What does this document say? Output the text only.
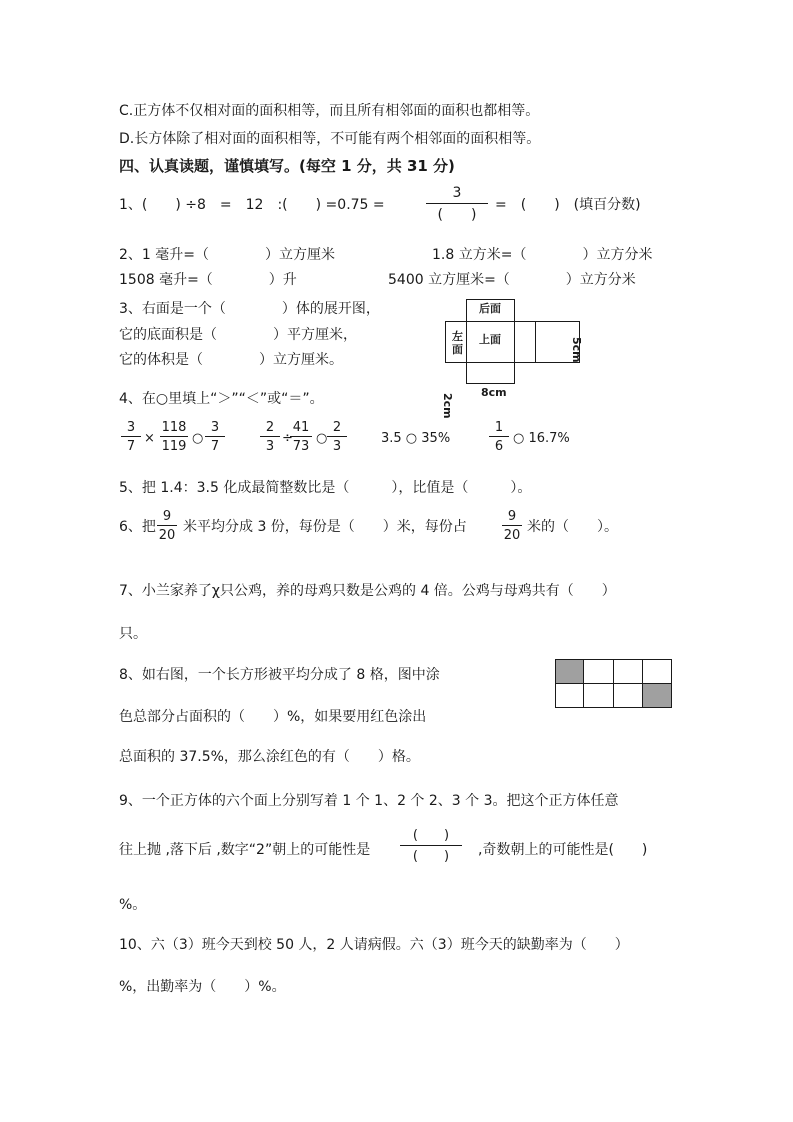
C.正方体不仅相对面的面积相等，而且所有相邻面的面积也都相等。
D.长方体除了相对面的面积相等，不可能有两个相邻面的面积相等。
四、认真读题，谨慎填写。(每空 1 分，共 31 分)
1、(　　) ÷8　=　12　:(　　) =0.75 =
3
(　　)
=　(　　)　(填百分数)
2、1 毫升=（　　　　）立方厘米	1.8 立方米=（　　　　）立方分米
1508 毫升=（　　　　）升	5400 立方厘米=（　　　　）立方分米
3、右面是一个（　　　　）体的展开图，
它的底面积是（　　　　）平方厘米，
它的体积是（　　　　）立方厘米。
后面
左
面
上面	5cm
2cm
8cm
4、在○里填上“＞”“＜”或“＝”。
3
7
×
118
119
○
3
7
2
3
÷
41
73
○
2
3
3.5 ○ 35%
1
6
○ 16.7%
5、把 1.4：3.5 化成最简整数比是（　　　），比值是（　　　）。
6、把
9
20
米平均分成 3 份，每份是（　　）米，每份占
9
20
米的（　　）。
7、小兰家养了χ只公鸡，养的母鸡只数是公鸡的 4 倍。公鸡与母鸡共有（　　）
只。
8、如右图，一个长方形被平均分成了 8 格，图中涂
色总部分占面积的（　　）%，如果要用红色涂出
总面积的 37.5%，那么涂红色的有（　　）格。
9、一个正方体的六个面上分别写着 1 个 1、2 个 2、3 个 3。把这个正方体任意
往上抛 ,落下后 ,数字“2”朝上的可能性是
(　　)
(　　)	,奇数朝上的可能性是(　　)
%。
10、六（3）班今天到校 50 人，2 人请病假。六（3）班今天的缺勤率为（　　）
%，出勤率为（　　）%。
